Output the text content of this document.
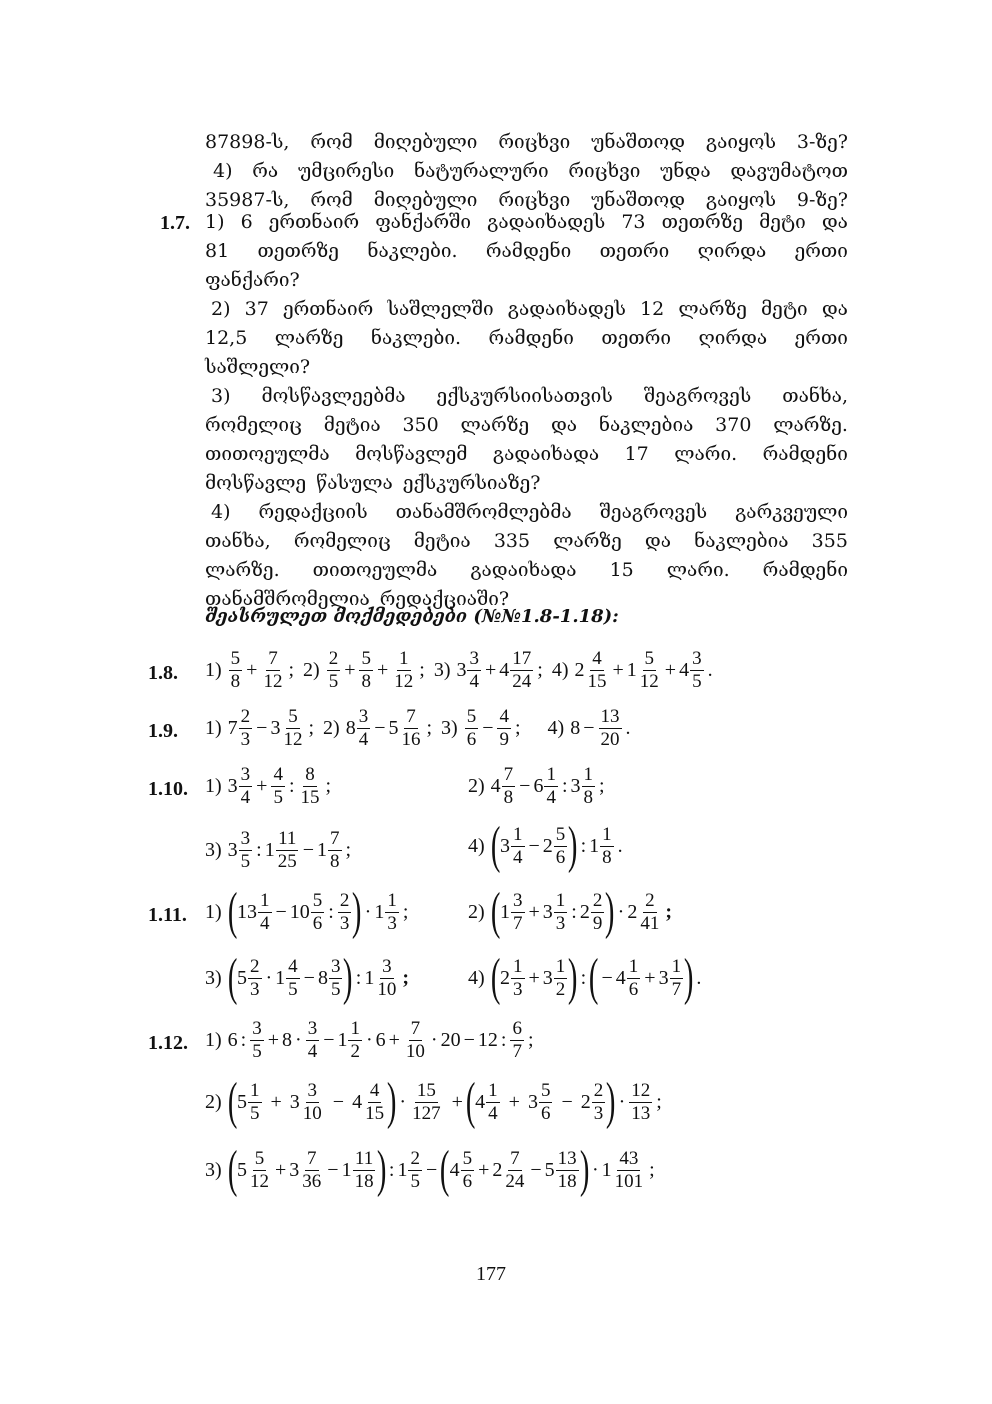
87898-ს, რომ მიღებული რიცხვი უნაშთოდ გაიყოს 3-ზე?
4) რა უმცირესი ნატურალური რიცხვი უნდა დავუმატოთ
35987-ს, რომ მიღებული რიცხვი უნაშთოდ გაიყოს 9-ზე?
1.7. 1) 6 ერთნაირ ფანქარში გადაიხადეს 73 თეთრზე მეტი და
81 თეთრზე ნაკლები. რამდენი თეთრი ღირდა ერთი
ფანქარი?
2) 37 ერთნაირ საშლელში გადაიხადეს 12 ლარზე მეტი და
12,5 ლარზე ნაკლები. რამდენი თეთრი ღირდა ერთი
საშლელი?
3) მოსწავლეებმა ექსკურსიისათვის შეაგროვეს თანხა,
რომელიც მეტია 350 ლარზე და ნაკლებია 370 ლარზე.
თითოეულმა მოსწავლემ გადაიხადა 17 ლარი. რამდენი
მოსწავლე წასულა ექსკურსიაზე?
4) რედაქციის თანამშრომლებმა შეაგროვეს გარკვეული
თანხა, რომელიც მეტია 335 ლარზე და ნაკლებია 355
ლარზე. თითოეულმა გადაიხადა 15 ლარი. რამდენი
თანამშრომელია რედაქციაში?
შეასრულეთ მოქმედებები (№№1.8-1.18):
1.8. $1) \frac{5}{8} + \frac{7}{12}$ ; $2) \frac{2}{5} + \frac{5}{8} + \frac{1}{12}$ ; 3) $3 \frac{3}{4} + 4 \frac{17}{24}$ ; 4) $2 \frac{4}{15} + 1 \frac{5}{12} + 4 \frac{3}{5}$ .
1.9. 1) $7 \frac{2}{3} - 3 \frac{5}{12}$ ; 2) $8 \frac{3}{4} - 5 \frac{7}{16}$ ; $3) \frac{5}{6} - \frac{4}{9}$ ; 4) $8 - \frac{13}{20}$ .
1.10. 1) $3 \frac{3}{4} + \frac{4}{5}$ : $\frac{8}{15}$ ;	2) $4 \frac{7}{8} - 6 \frac{1}{4}$ : $3 \frac{1}{8}$ ;
3) $3 \frac{3}{5}$ : $1 \frac{11}{25} - 1 \frac{7}{8}$ ;	4) ( $3 \frac{1}{4} - 2 \frac{5}{6}$ ) : $1 \frac{1}{8}$ .
1.11. 1) ( $13 \frac{1}{4} - 10 \frac{5}{6}$ : $\frac{2}{3}$ ) · $1 \frac{1}{3}$ ;	2) ( $1 \frac{3}{7} + 3 \frac{1}{3}$ : $2 \frac{2}{9}$ ) · $2 \frac{2}{41}$ ;
3) ( $5 \frac{2}{3} \cdot 1 \frac{4}{5} - 8 \frac{3}{5}$ ) : $1 \frac{3}{10}$ ;	4) ( $2 \frac{1}{3} + 3 \frac{1}{2}$ ) : ( − $4 \frac{1}{6} + 3 \frac{1}{7}$ ) .
1.12. 1) 6 : $\frac{3}{5} + 8 \cdot \frac{3}{4} - 1 \frac{1}{2} \cdot 6 + \frac{7}{10} \cdot 20 - 12$ : $\frac{6}{7}$ ;
2) ( $5 \frac{1}{5} + 3 \frac{3}{10} - 4 \frac{4}{15}$ ) · $\frac{15}{127}$ + ( $4 \frac{1}{4} + 3 \frac{5}{6} - 2 \frac{2}{3}$ ) · $\frac{12}{13}$ ;
3) ( $5 \frac{5}{12} + 3 \frac{7}{36} - 1 \frac{11}{18}$ ) : $1 \frac{2}{5}$ − ( $4 \frac{5}{6} + 2 \frac{7}{24} - 5 \frac{13}{18}$ ) · $1 \frac{43}{101}$ ;
177
